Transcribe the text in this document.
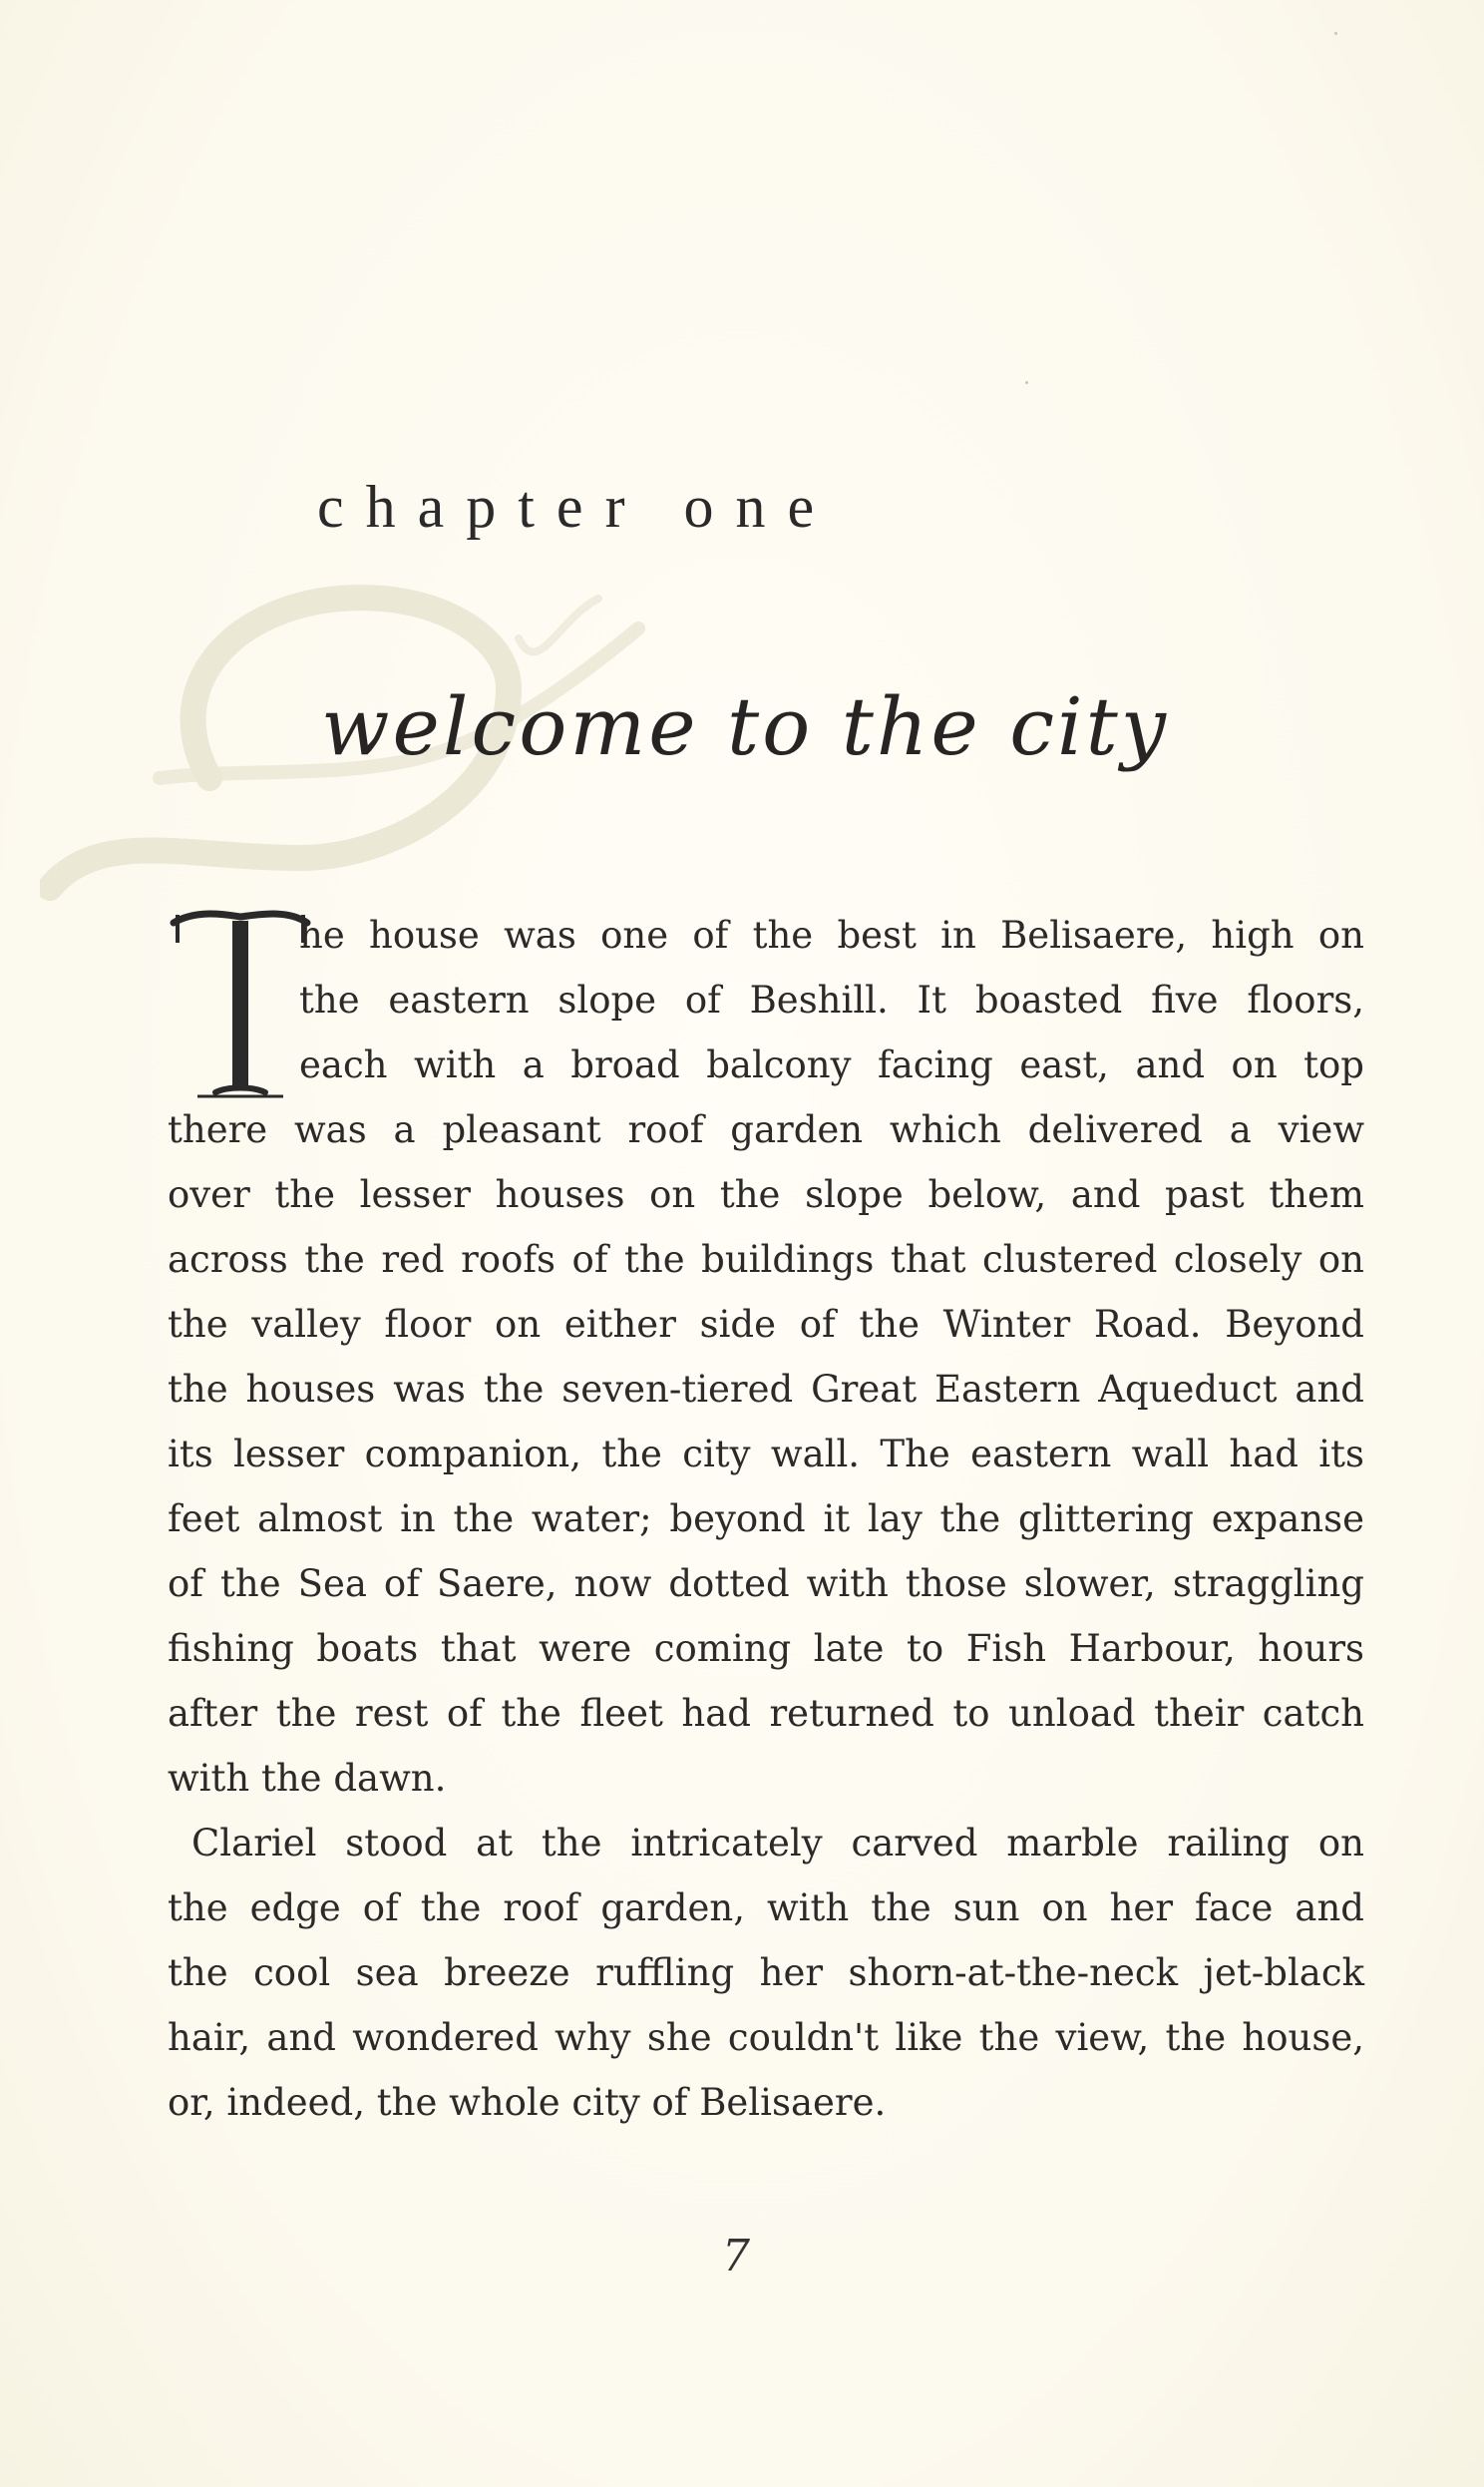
chapter one
welcome to the city
he house was one of the best in Belisaere, high on
the eastern slope of Beshill. It boasted five floors,
each with a broad balcony facing east, and on top
there was a pleasant roof garden which delivered a view
over the lesser houses on the slope below, and past them
across the red roofs of the buildings that clustered closely on
the valley floor on either side of the Winter Road. Beyond
the houses was the seven-tiered Great Eastern Aqueduct and
its lesser companion, the city wall. The eastern wall had its
feet almost in the water; beyond it lay the glittering expanse
of the Sea of Saere, now dotted with those slower, straggling
fishing boats that were coming late to Fish Harbour, hours
after the rest of the fleet had returned to unload their catch
with the dawn.
Clariel stood at the intricately carved marble railing on
the edge of the roof garden, with the sun on her face and
the cool sea breeze ruffling her shorn-at-the-neck jet-black
hair, and wondered why she couldn't like the view, the house,
or, indeed, the whole city of Belisaere.
7
